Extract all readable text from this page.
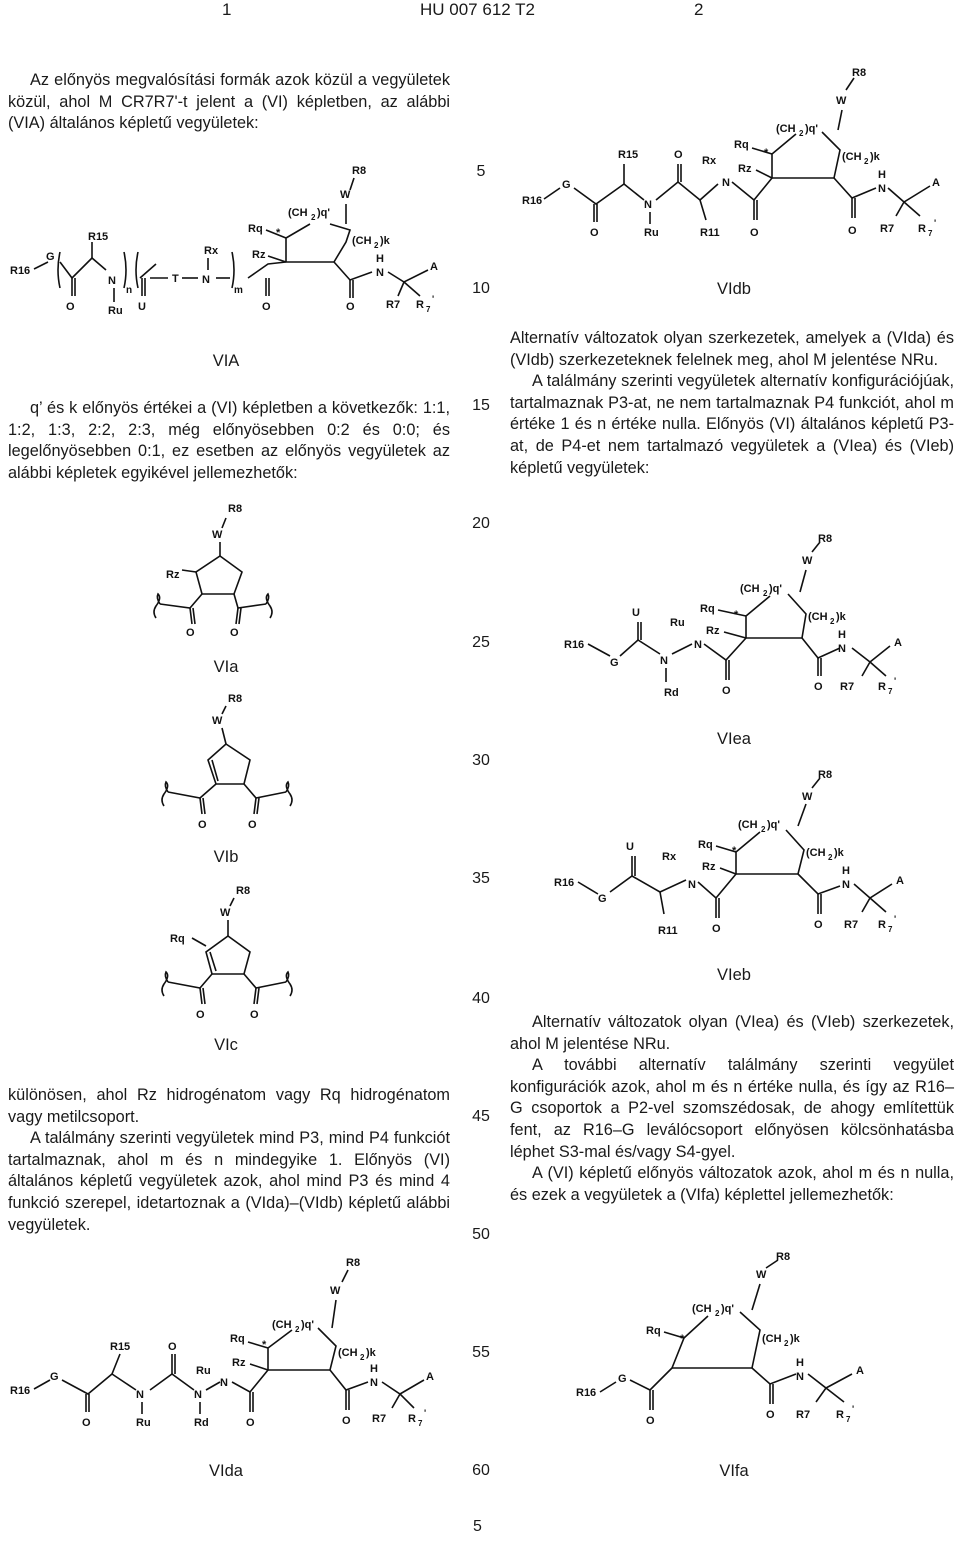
1	HU 007 612 T2	2
5
10
15
20
25
30
35
40
45
50
55
60

Az előnyös megvalósítási formák azok közül a vegyületek közül, ahol M CR7R7'-t jelent a (VI) képletben, az alábbi (VIA) általános képletű vegyületek:

q’ és k előnyös értékei a (VI) képletben a következők: 1:1, 1:2, 1:3, 2:2, 2:3, még előnyösebben 0:2 és 0:0; és legelőnyösebben 0:1, ez esetben az előnyös vegyületek az alábbi képletek egyikével jellemezhetők:

különösen, ahol Rz hidrogénatom vagy Rq hidrogénatom vagy metilcsoport.

A találmány szerinti vegyületek mind P3, mind P4 funkciót tartalmaznak, ahol m és n mindegyike 1. Előnyös (VI) általános képletű vegyületek azok, ahol mind P3 és mind 4 funkció szerepel, idetartoznak a (VIda)–(VIdb) képletű alábbi vegyületek.

Alternatív változatok olyan szerkezetek, amelyek a (VIda) és (VIdb) szerkezeteknek felelnek meg, ahol M jelentése NRu.

A találmány szerinti vegyületek alternatív konfigurációjúak, tartalmaznak P3-at, ne nem tartalmaznak P4 funkciót, ahol m értéke 1 és n értéke nulla. Előnyös (VI) általános képletű P3-at, de P4-et nem tartalmazó vegyületek a (VIea) és (VIeb) képletű vegyületek:

Alternatív változatok olyan (VIea) és (VIeb) szerkezetek, ahol M jelentése NRu.

A további alternatív találmány szerinti vegyület konfigurációk azok, ahol m és n értéke nulla, és így az R16–G csoportok a P2-vel szomszédosak, de ahogy említettük fent, az R16–G leválócsoport előnyösen kölcsönhatásba léphet S3-mal és/vagy S4-gyel.

A (VI) képletű előnyös változatok azok, ahol m és n nulla, és ezek a vegyületek a (VIfa) képlettel jellemezhetők:

VIA
VIa
VIb
VIc
VIda
VIdb
VIea
VIeb
VIfa
5
R16
G
O
R15
N
Ru
n
U
T N
Rx
m
O
Rq *
Rz
(CH 2 )q'
(CH 2 )k
W
R8
O
H
N	A
R7 R 7
'
R8
W
Rz
O	O
R8
W
O	O
R8
W
Rq
O	O
R16
G
O
R15
N
Ru
O
N
Rd
Ru
N
O
Rq *
Rz
(CH 2 )q'
(CH 2 )k
W
R8
O
H
N	A
R7 R 7
'
R16
G
O
R15
N
Ru
O
R11
Rx
N
O
Rq
*
Rz
(CH 2 )q'
(CH 2 )k
W
R8
O
H
N	A
R7 R 7
'
R16
G
U
N
Rd
Ru
N
O
Rq *
Rz
(CH 2 )q'
(CH 2 )k
W
R8
O
H
N	A
R7 R 7
'
R16
G
U
R11
Rx
N
O
Rq *
Rz
(CH 2 )q'
(CH 2 )k
W
R8
O
H
N	A
R7 R 7
'
R16
G
O
Rq
*
(CH 2 )q'
(CH 2 )k
W
R8
O
H
N	A
R7 R 7
'
